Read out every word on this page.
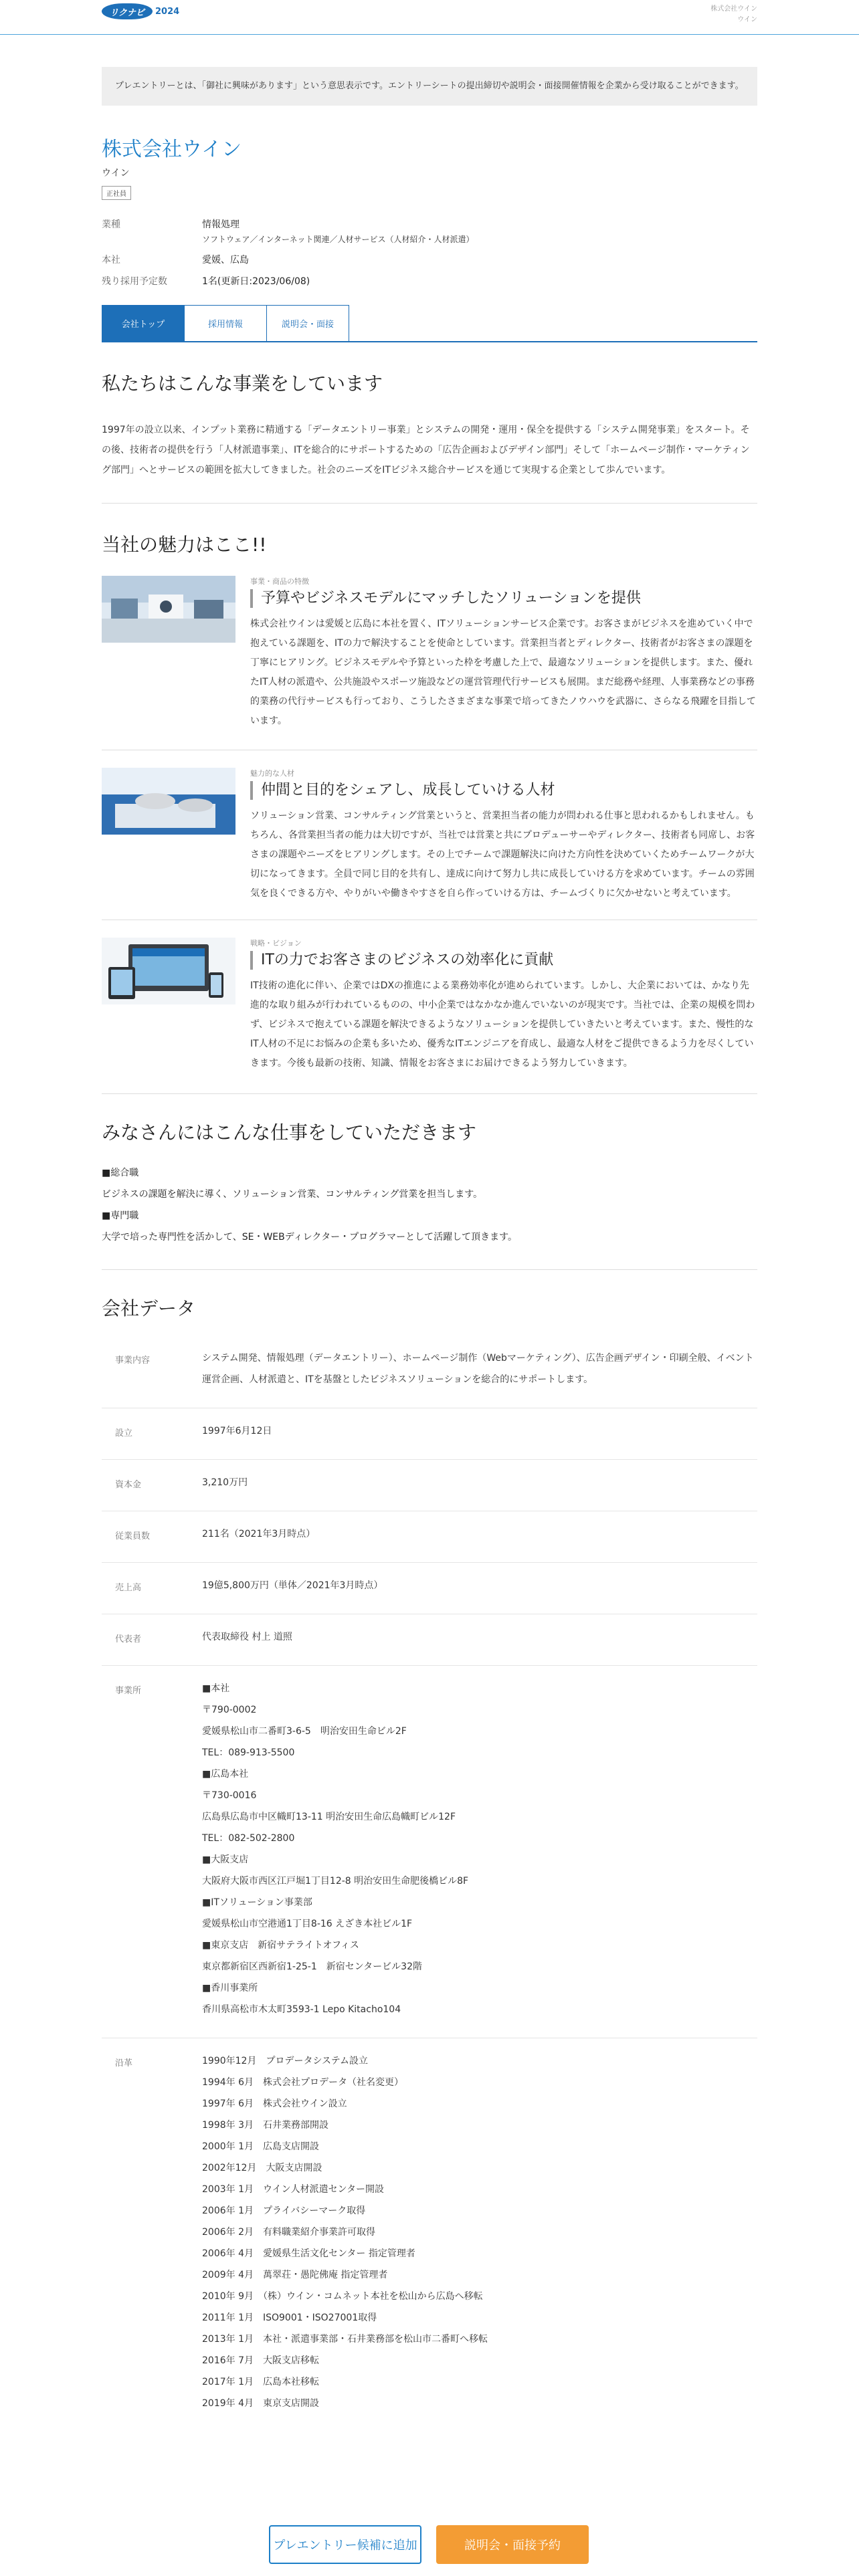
リクナビ	2024	株式会社ウイン
ウイン
プレエントリーとは、「御社に興味があります」という意思表示です。エントリーシートの提出締切や説明会・面接開催情報を企業から受け取ることができます。
株式会社ウイン
ウイン
正社員
業種	情報処理
ソフトウェア／インターネット関連／人材サービス（人材紹介・人材派遣）
本社	愛媛、広島
残り採用予定数	1名(更新日:2023/06/08)
会社トップ	採用情報	説明会・面接
私たちはこんな事業をしています

1997年の設立以来、インプット業務に精通する「データエントリー事業」とシステムの開発・運用・保全を提供する「システム開発事業」をスタート。その後、技術者の提供を行う「人材派遣事業」、ITを総合的にサポートするための「広告企画およびデザイン部門」そして「ホームページ制作・マーケティング部門」へとサービスの範囲を拡大してきました。社会のニーズをITビジネス総合サービスを通じて実現する企業として歩んでいます。

当社の魅力はここ!!
事業・商品の特徴
予算やビジネスモデルにマッチしたソリューションを提供

株式会社ウインは愛媛と広島に本社を置く、ITソリューションサービス企業です。お客さまがビジネスを進めていく中で抱えている課題を、ITの力で解決することを使命としています。営業担当者とディレクター、技術者がお客さまの課題を丁寧にヒアリング。ビジネスモデルや予算といった枠を考慮した上で、最適なソリューションを提供します。また、優れたIT人材の派遣や、公共施設やスポーツ施設などの運営管理代行サービスも展開。まだ総務や経理、人事業務などの事務的業務の代行サービスも行っており、こうしたさまざまな事業で培ってきたノウハウを武器に、さらなる飛躍を目指しています。

魅力的な人材
仲間と目的をシェアし、成長していける人材

ソリューション営業、コンサルティング営業というと、営業担当者の能力が問われる仕事と思われるかもしれません。もちろん、各営業担当者の能力は大切ですが、当社では営業と共にプロデューサーやディレクター、技術者も同席し、お客さまの課題やニーズをヒアリングします。その上でチームで課題解決に向けた方向性を決めていくためチームワークが大切になってきます。全員で同じ目的を共有し、達成に向けて努力し共に成長していける方を求めています。チームの雰囲気を良くできる方や、やりがいや働きやすさを自ら作っていける方は、チームづくりに欠かせないと考えています。

戦略・ビジョン
ITの力でお客さまのビジネスの効率化に貢献

IT技術の進化に伴い、企業ではDXの推進による業務効率化が進められています。しかし、大企業においては、かなり先進的な取り組みが行われているものの、中小企業ではなかなか進んでいないのが現実です。当社では、企業の規模を問わず、ビジネスで抱えている課題を解決できるようなソリューションを提供していきたいと考えています。また、慢性的なIT人材の不足にお悩みの企業も多いため、優秀なITエンジニアを育成し、最適な人材をご提供できるよう力を尽くしていきます。今後も最新の技術、知識、情報をお客さまにお届けできるよう努力していきます。

みなさんにはこんな仕事をしていただきます
■総合職
ビジネスの課題を解決に導く、ソリューション営業、コンサルティング営業を担当します。
■専門職
大学で培った専門性を活かして、SE・WEBディレクター・プログラマーとして活躍して頂きます。
会社データ
事業内容	システム開発、情報処理（データエントリー）、ホームページ制作（Webマーケティング）、広告企画デザイン・印刷全般、イベント運営企画、人材派遣と、ITを基盤としたビジネスソリューションを総合的にサポートします。
設立	1997年6月12日
資本金	3,210万円
従業員数	211名（2021年3月時点）
売上高	19億5,800万円（単体／2021年3月時点）
代表者	代表取締役 村上 道照
事業所	■本社
〒790-0002
愛媛県松山市二番町3-6-5　明治安田生命ビル2F
TEL：089-913-5500
■広島本社
〒730-0016
広島県広島市中区幟町13-11 明治安田生命広島幟町ビル12F
TEL：082-502-2800
■大阪支店
大阪府大阪市西区江戸堀1丁目12-8 明治安田生命肥後橋ビル8F
■ITソリューション事業部
愛媛県松山市空港通1丁目8-16 えざき本社ビル1F
■東京支店　新宿サテライトオフィス
東京都新宿区西新宿1-25-1　新宿センタービル32階
■香川事業所
香川県高松市木太町3593-1 Lepo Kitacho104
沿革	1990年12月　プロデータシステム設立
1994年 6月　株式会社プロデータ（社名変更）
1997年 6月　株式会社ウイン設立
1998年 3月　石井業務部開設
2000年 1月　広島支店開設
2002年12月　大阪支店開設
2003年 1月　ウイン人材派遣センター開設
2006年 1月　プライバシーマーク取得
2006年 2月　有料職業紹介事業許可取得
2006年 4月　愛媛県生活文化センター 指定管理者
2009年 4月　萬翠荘・愚陀佛庵 指定管理者
2010年 9月　（株）ウイン・コムネット本社を松山から広島へ移転
2011年 1月　ISO9001・ISO27001取得
2013年 1月　本社・派遣事業部・石井業務部を松山市二番町へ移転
2016年 7月　大阪支店移転
2017年 1月　広島本社移転
2019年 4月　東京支店開設
プレエントリー候補に追加	説明会・面接予約
